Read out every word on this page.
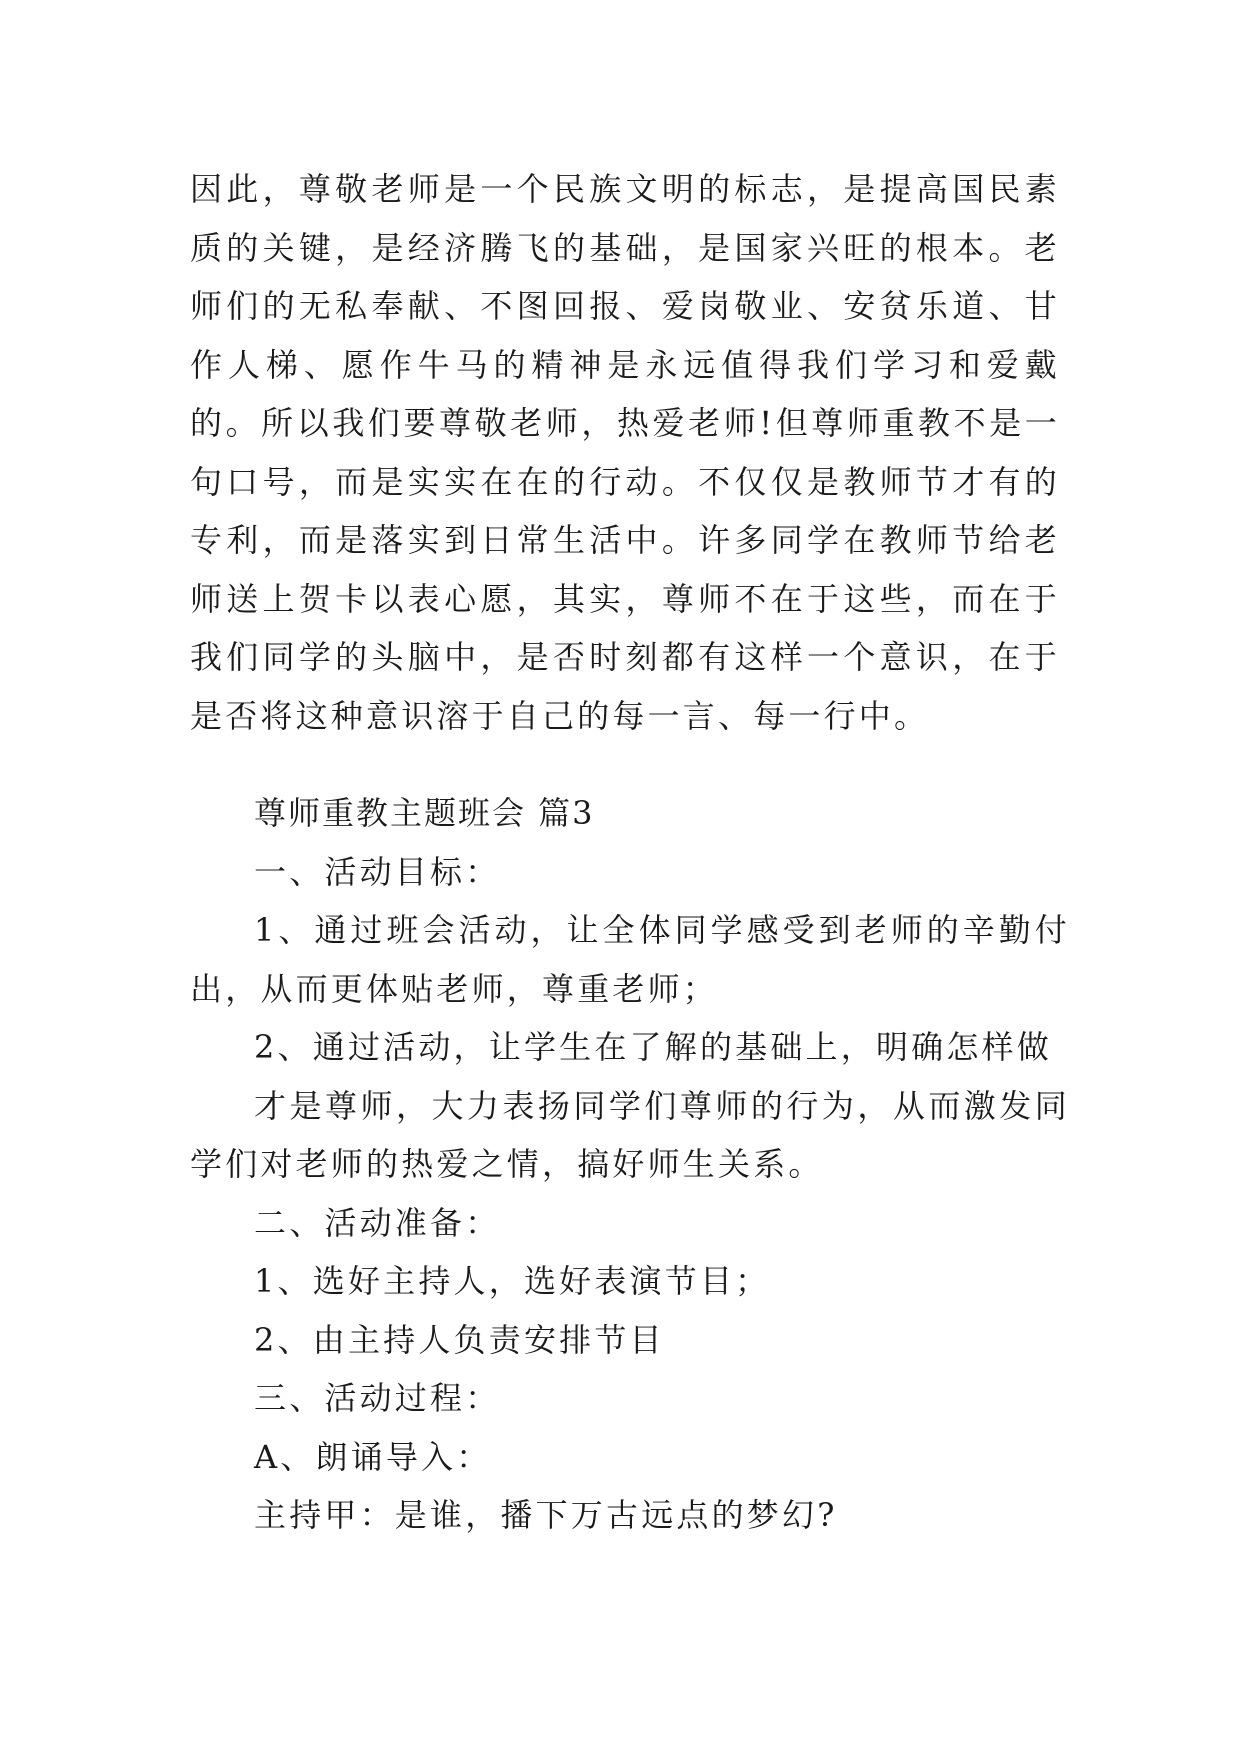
因此，尊敬老师是一个民族文明的标志，是提高国民素质的关键，是经济腾飞的基础，是国家兴旺的根本。老师们的无私奉献、不图回报、爱岗敬业、安贫乐道、甘作人梯、愿作牛马的精神是永远值得我们学习和爱戴的。所以我们要尊敬老师，热爱老师!但尊师重教不是一句口号，而是实实在在的行动。不仅仅是教师节才有的专利，而是落实到日常生活中。许多同学在教师节给老师送上贺卡以表心愿，其实，尊师不在于这些，而在于我们同学的头脑中，是否时刻都有这样一个意识，在于是否将这种意识溶于自己的每一言、每一行中。

尊师重教主题班会 篇3

一、活动目标：

1、通过班会活动，让全体同学感受到老师的辛勤付出，从而更体贴老师，尊重老师；

2、通过活动，让学生在了解的基础上，明确怎样做

才是尊师，大力表扬同学们尊师的行为，从而激发同学们对老师的热爱之情，搞好师生关系。

二、活动准备：

1、选好主持人，选好表演节目；

2、由主持人负责安排节目

三、活动过程：

A、朗诵导入：

主持甲：是谁，播下万古远点的梦幻?
